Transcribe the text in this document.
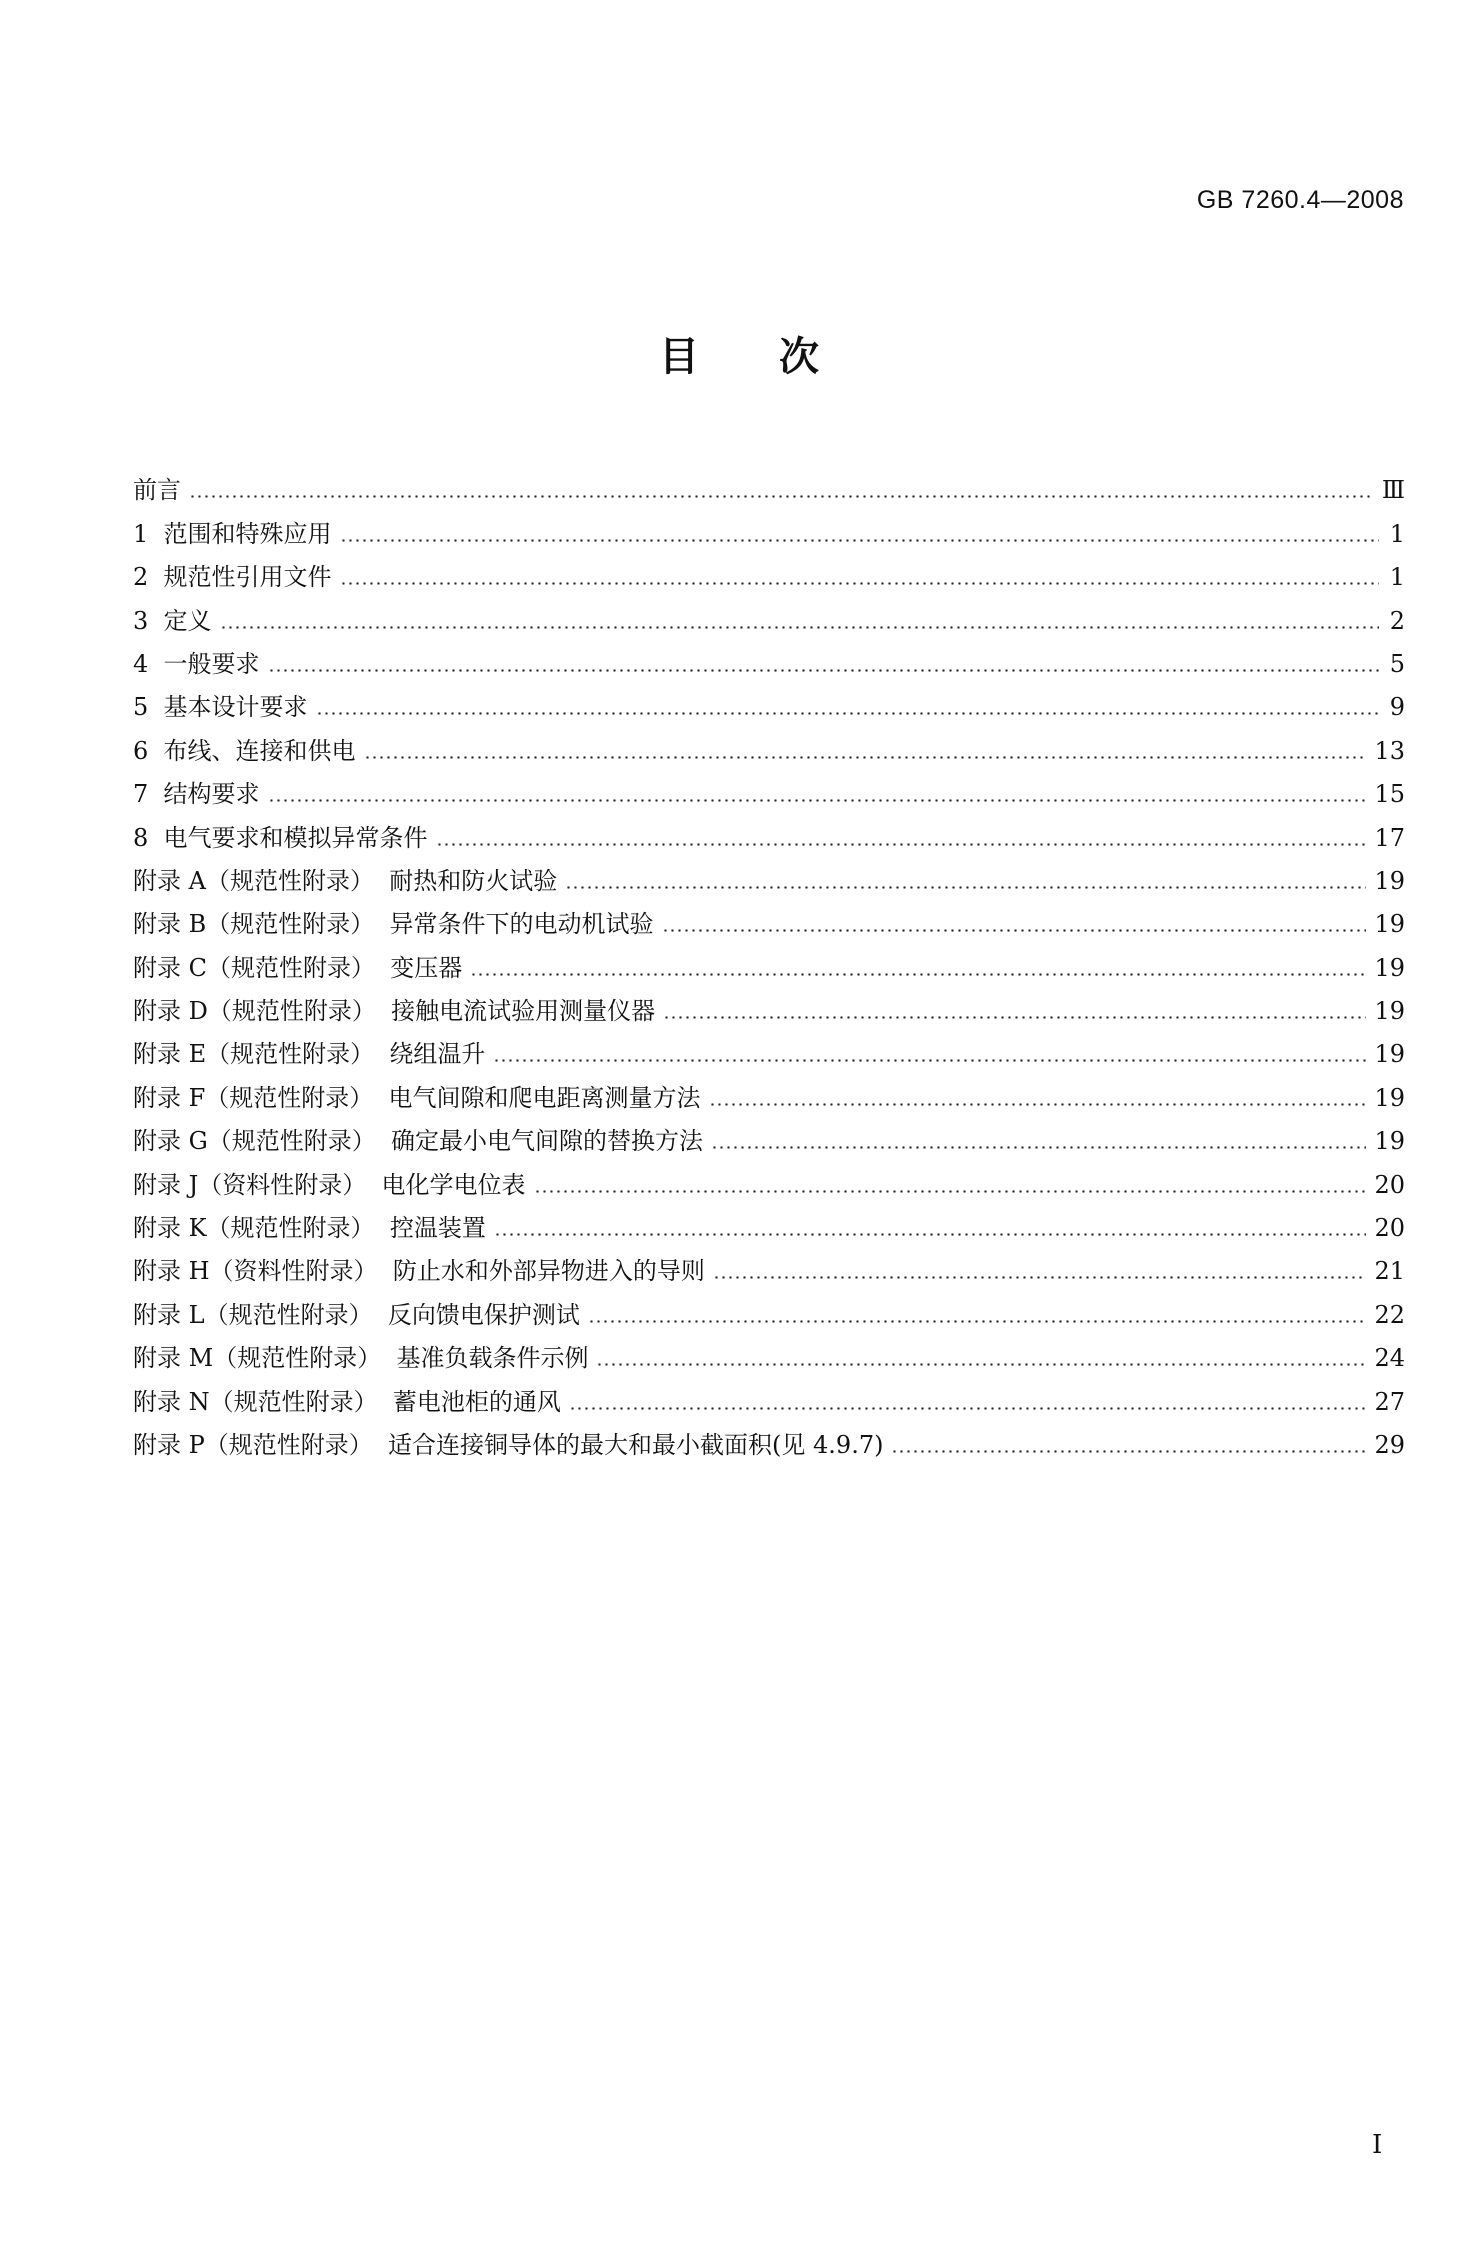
GB 7260.4—2008
目次
前言	Ⅲ
1  范围和特殊应用	1
2  规范性引用文件	1
3  定义	2
4  一般要求	5
5  基本设计要求	9
6  布线、连接和供电	13
7  结构要求	15
8  电气要求和模拟异常条件	17
附录 A（规范性附录）  耐热和防火试验	19
附录 B（规范性附录）  异常条件下的电动机试验	19
附录 C（规范性附录）  变压器	19
附录 D（规范性附录）  接触电流试验用测量仪器	19
附录 E（规范性附录）  绕组温升	19
附录 F（规范性附录）  电气间隙和爬电距离测量方法	19
附录 G（规范性附录）  确定最小电气间隙的替换方法	19
附录 J（资料性附录）  电化学电位表	20
附录 K（规范性附录）  控温装置	20
附录 H（资料性附录）  防止水和外部异物进入的导则	21
附录 L（规范性附录）  反向馈电保护测试	22
附录 M（规范性附录）  基准负载条件示例	24
附录 N（规范性附录）  蓄电池柜的通风	27
附录 P（规范性附录）  适合连接铜导体的最大和最小截面积(见 4.9.7)	29
I
